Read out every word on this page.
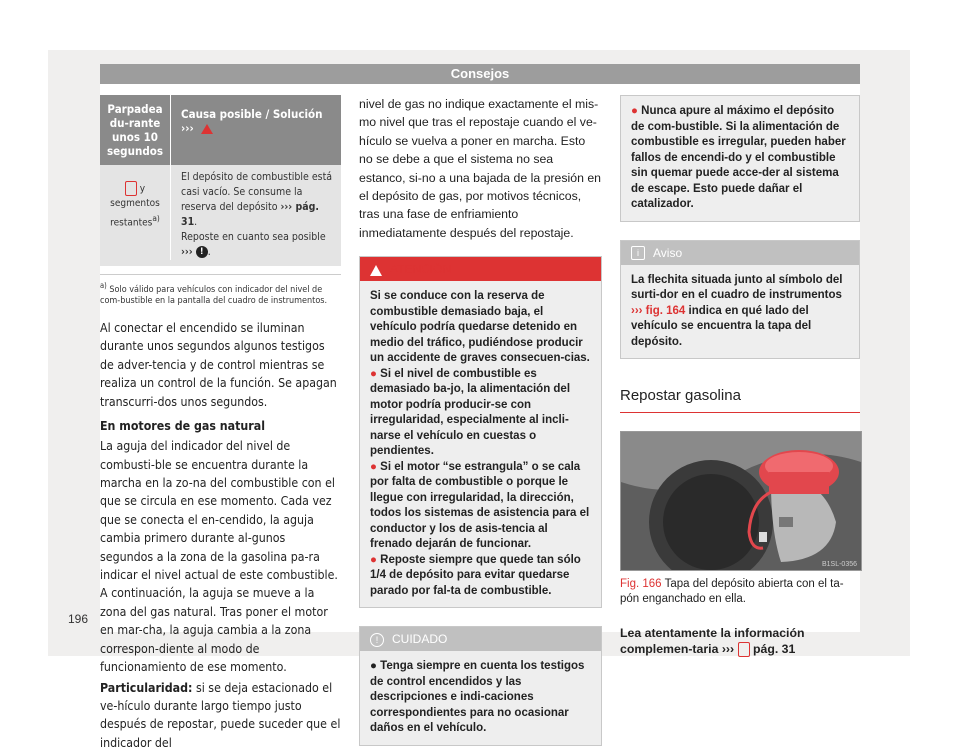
Consejos
Parpadea du-rante unos 10 segundos
Causa posible / Solución
›››
y segmentos restantes$^{a)}$
El depósito de combustible está casi vacío. Se consume la reserva del depósito ››› pág. 31.
Reposte en cuanto sea posible
››› ! .
$^{a)}$ Solo válido para vehículos con indicador del nivel de com-bustible en la pantalla del cuadro de instrumentos.

Al conectar el encendido se iluminan durante unos segundos algunos testigos de adver-tencia y de control mientras se realiza un control de la función. Se apagan transcurri-dos unos segundos.

En motores de gas natural

La aguja del indicador del nivel de combusti-ble se encuentra durante la marcha en la zo-na del combustible con el que se circula en ese momento. Cada vez que se conecta el en-cendido, la aguja cambia primero durante al-gunos segundos a la zona de la gasolina pa-ra indicar el nivel actual de este combustible. A continuación, la aguja se mueve a la zona del gas natural. Tras poner el motor en mar-cha, la aguja cambia a la zona correspon-diente al modo de funcionamiento de ese momento.

Particularidad: si se deja estacionado el ve-hículo durante largo tiempo justo después de repostar, puede suceder que el indicador del

nivel de gas no indique exactamente el mis-mo nivel que tras el repostaje cuando el ve-hículo se vuelva a poner en marcha. Esto no se debe a que el sistema no sea estanco, si-no a una bajada de la presión en el depósito de gas, por motivos técnicos, tras una fase de enfriamiento inmediatamente después del repostaje.

ATENCIÓN

Si se conduce con la reserva de combustible demasiado baja, el vehículo podría quedarse detenido en medio del tráfico, pudiéndose producir un accidente de graves consecuen-cias.

● Si el nivel de combustible es demasiado ba-jo, la alimentación del motor podría producir-se con irregularidad, especialmente al incli-narse el vehículo en cuestas o pendientes.

● Si el motor “se estrangula” o se cala por falta de combustible o porque le llegue con irregularidad, la dirección, todos los sistemas de asistencia para el conductor y los de asis-tencia al frenado dejarán de funcionar.

● Reposte siempre que quede tan sólo 1/4 de depósito para evitar quedarse parado por fal-ta de combustible.

! CUIDADO

● Tenga siempre en cuenta los testigos de control encendidos y las descripciones e indi-caciones correspondientes para no ocasionar daños en el vehículo.

● Nunca apure al máximo el depósito de com-bustible. Si la alimentación de combustible es irregular, pueden haber fallos de encendi-do y el combustible sin quemar puede acce-der al sistema de escape. Esto puede dañar el catalizador.

i Aviso
La flechita situada junto al símbolo del surti-dor en el cuadro de instrumentos ››› fig. 164 indica en qué lado del vehículo se encuentra la tapa del depósito.
Repostar gasolina
B1SL-0356

Fig. 166 Tapa del depósito abierta con el ta-pón enganchado en ella.

Lea atentamente la información complemen-taria ››› pág. 31

196
